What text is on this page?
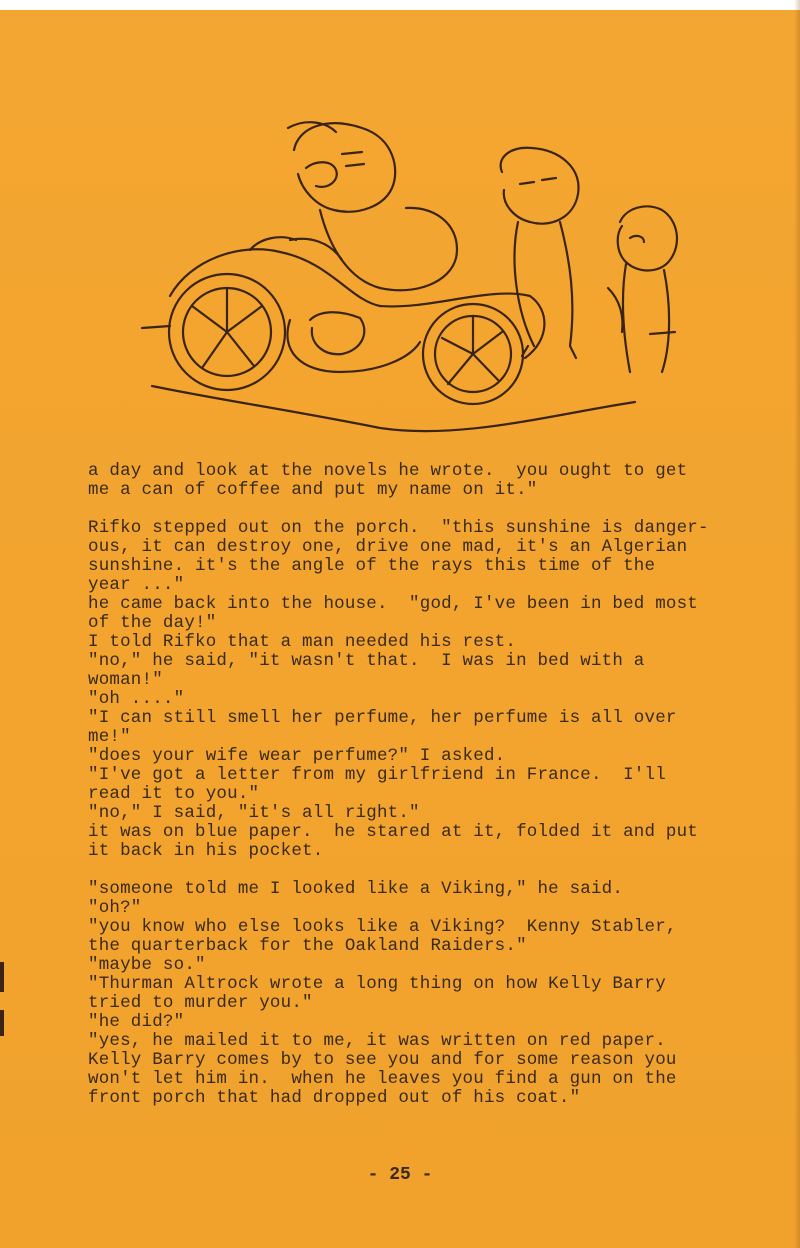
a day and look at the novels he wrote.  you ought to get
me a can of coffee and put my name on it."
Rifko stepped out on the porch.  "this sunshine is danger-
ous, it can destroy one, drive one mad, it's an Algerian
sunshine. it's the angle of the rays this time of the
year ..."
he came back into the house.  "god, I've been in bed most
of the day!"
I told Rifko that a man needed his rest.
"no," he said, "it wasn't that.  I was in bed with a
woman!"
"oh ...."
"I can still smell her perfume, her perfume is all over
me!"
"does your wife wear perfume?" I asked.
"I've got a letter from my girlfriend in France.  I'll
read it to you."
"no," I said, "it's all right."
it was on blue paper.  he stared at it, folded it and put
it back in his pocket.
"someone told me I looked like a Viking," he said.
"oh?"
"you know who else looks like a Viking?  Kenny Stabler,
the quarterback for the Oakland Raiders."
"maybe so."
"Thurman Altrock wrote a long thing on how Kelly Barry
tried to murder you."
"he did?"
"yes, he mailed it to me, it was written on red paper.
Kelly Barry comes by to see you and for some reason you
won't let him in.  when he leaves you find a gun on the
front porch that had dropped out of his coat."
- 25 -
